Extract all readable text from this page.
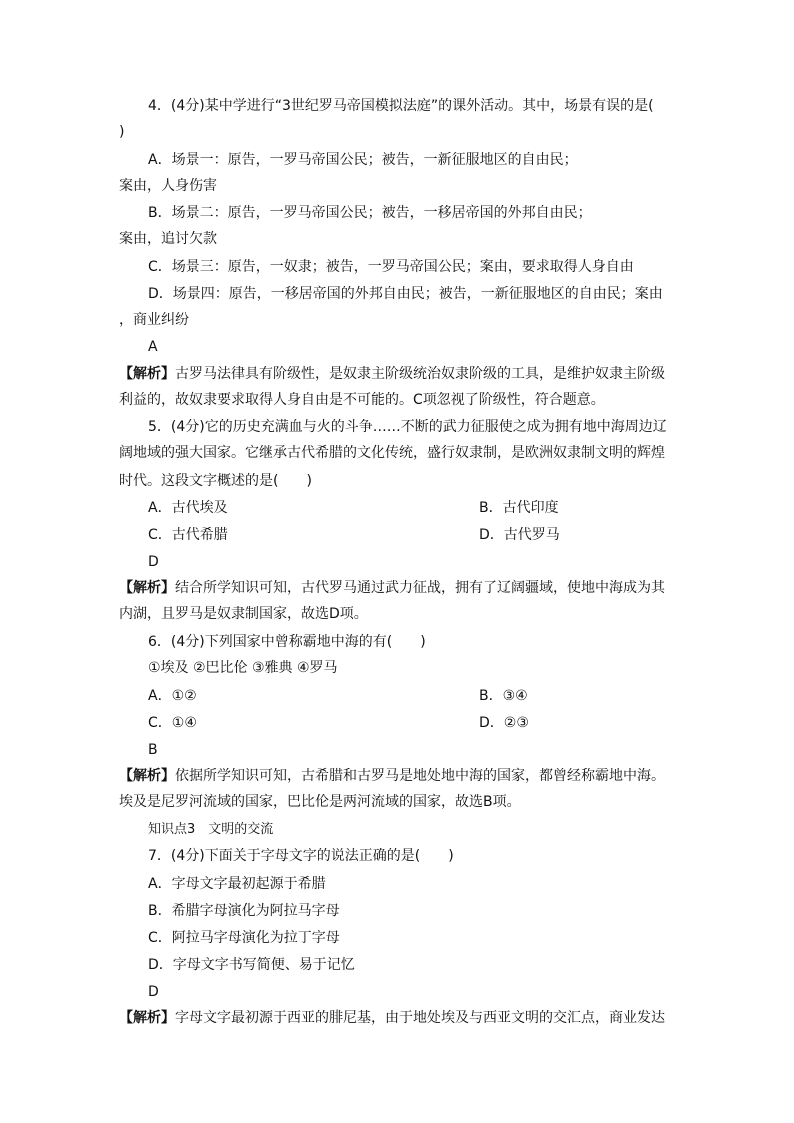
4．(4分)某中学进行“3世纪罗马帝国模拟法庭”的课外活动。其中，场景有误的是(
)
A．场景一：原告，一罗马帝国公民；被告，一新征服地区的自由民；
案由，人身伤害
B．场景二：原告，一罗马帝国公民；被告，一移居帝国的外邦自由民；
案由，追讨欠款
C．场景三：原告，一奴隶；被告，一罗马帝国公民；案由，要求取得人身自由
D．场景四：原告，一移居帝国的外邦自由民；被告，一新征服地区的自由民；案由
，商业纠纷
A
【解析】古罗马法律具有阶级性，是奴隶主阶级统治奴隶阶级的工具，是维护奴隶主阶级
利益的，故奴隶要求取得人身自由是不可能的。C项忽视了阶级性，符合题意。
5．(4分)它的历史充满血与火的斗争……不断的武力征服使之成为拥有地中海周边辽
阔地域的强大国家。它继承古代希腊的文化传统，盛行奴隶制，是欧洲奴隶制文明的辉煌
时代。这段文字概述的是(　　)
A．古代埃及	B．古代印度
C．古代希腊	D．古代罗马
D
【解析】结合所学知识可知，古代罗马通过武力征战，拥有了辽阔疆域，使地中海成为其
内湖，且罗马是奴隶制国家，故选D项。
6．(4分)下列国家中曾称霸地中海的有(　　)
①埃及 ②巴比伦 ③雅典 ④罗马
A．①②	B．③④
C．①④	D．②③
B
【解析】依据所学知识可知，古希腊和古罗马是地处地中海的国家，都曾经称霸地中海。
埃及是尼罗河流域的国家，巴比伦是两河流域的国家，故选B项。
知识点3　文明的交流
7．(4分)下面关于字母文字的说法正确的是(　　)
A．字母文字最初起源于希腊
B．希腊字母演化为阿拉马字母
C．阿拉马字母演化为拉丁字母
D．字母文字书写简便、易于记忆
D
【解析】字母文字最初源于西亚的腓尼基，由于地处埃及与西亚文明的交汇点，商业发达
